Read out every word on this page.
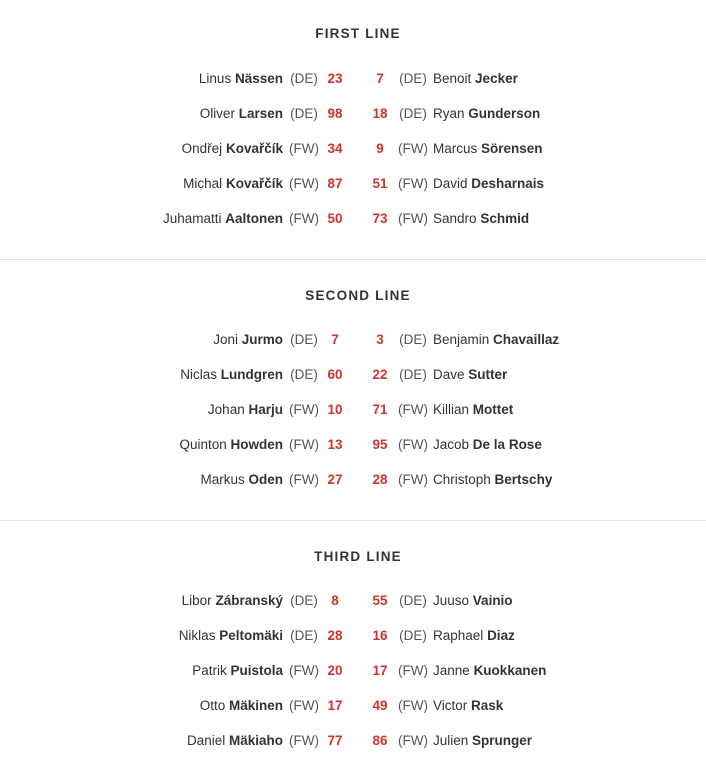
FIRST LINE
Linus Nässen (DE) 23	7	(DE) Benoit Jecker
Oliver Larsen (DE) 98	18 (DE) Ryan Gunderson
Ondřej Kovařčík (FW) 34	9	(FW) Marcus Sörensen
Michal Kovařčík (FW) 87	51 (FW) David Desharnais
Juhamatti Aaltonen (FW) 50	73 (FW) Sandro Schmid
SECOND LINE
Joni Jurmo (DE) 7	3	(DE) Benjamin Chavaillaz
Niclas Lundgren (DE) 60	22 (DE) Dave Sutter
Johan Harju (FW) 10	71 (FW) Killian Mottet
Quinton Howden (FW) 13	95 (FW) Jacob De la Rose
Markus Oden (FW) 27	28 (FW) Christoph Bertschy
THIRD LINE
Libor Zábranský (DE) 8	55 (DE) Juuso Vainio
Niklas Peltomäki (DE) 28	16 (DE) Raphael Diaz
Patrik Puistola (FW) 20	17 (FW) Janne Kuokkanen
Otto Mäkinen (FW) 17	49 (FW) Victor Rask
Daniel Mäkiaho (FW) 77	86 (FW) Julien Sprunger
